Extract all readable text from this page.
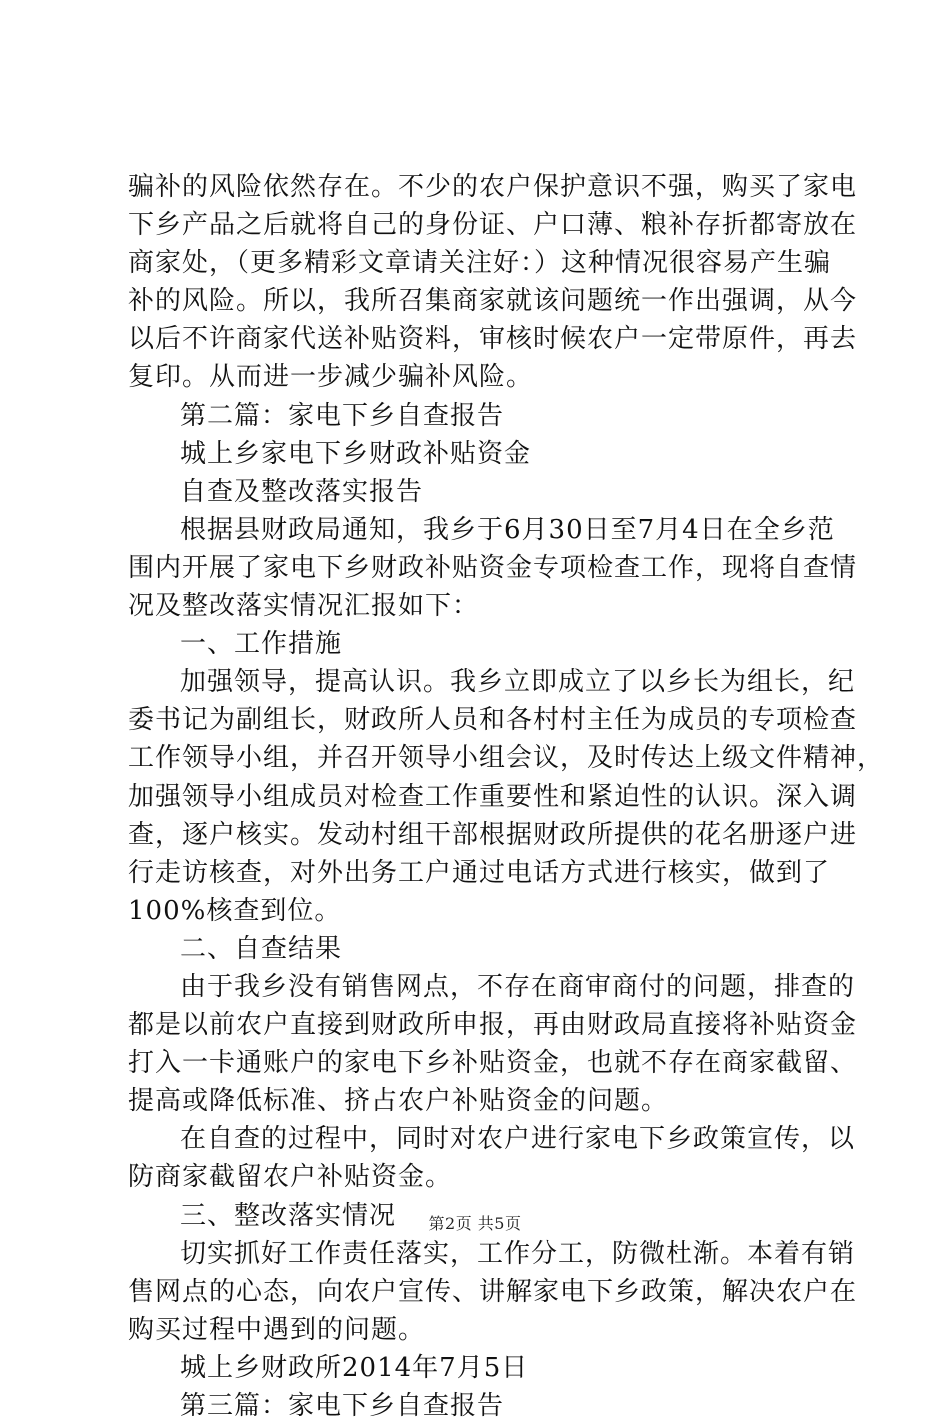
骗补的风险依然存在。不少的农户保护意识不强，购买了家电
下乡产品之后就将自己的身份证、户口薄、粮补存折都寄放在
商家处，（更多精彩文章请关注好：）这种情况很容易产生骗
补的风险。所以，我所召集商家就该问题统一作出强调，从今
以后不许商家代送补贴资料，审核时候农户一定带原件，再去
复印。从而进一步减少骗补风险。
第二篇：家电下乡自查报告
城上乡家电下乡财政补贴资金
自查及整改落实报告
根据县财政局通知，我乡于6月30日至7月4日在全乡范
围内开展了家电下乡财政补贴资金专项检查工作，现将自查情
况及整改落实情况汇报如下：
一、工作措施
加强领导，提高认识。我乡立即成立了以乡长为组长，纪
委书记为副组长，财政所人员和各村村主任为成员的专项检查
工作领导小组，并召开领导小组会议，及时传达上级文件精神，
加强领导小组成员对检查工作重要性和紧迫性的认识。深入调
查，逐户核实。发动村组干部根据财政所提供的花名册逐户进
行走访核查，对外出务工户通过电话方式进行核实，做到了
100%核查到位。
二、自查结果
由于我乡没有销售网点，不存在商审商付的问题，排查的
都是以前农户直接到财政所申报，再由财政局直接将补贴资金
打入一卡通账户的家电下乡补贴资金，也就不存在商家截留、
提高或降低标准、挤占农户补贴资金的问题。
在自查的过程中，同时对农户进行家电下乡政策宣传，以
防商家截留农户补贴资金。
三、整改落实情况
切实抓好工作责任落实，工作分工，防微杜渐。本着有销
售网点的心态，向农户宣传、讲解家电下乡政策，解决农户在
购买过程中遇到的问题。
城上乡财政所2014年7月5日
第三篇：家电下乡自查报告
第2页 共5页
